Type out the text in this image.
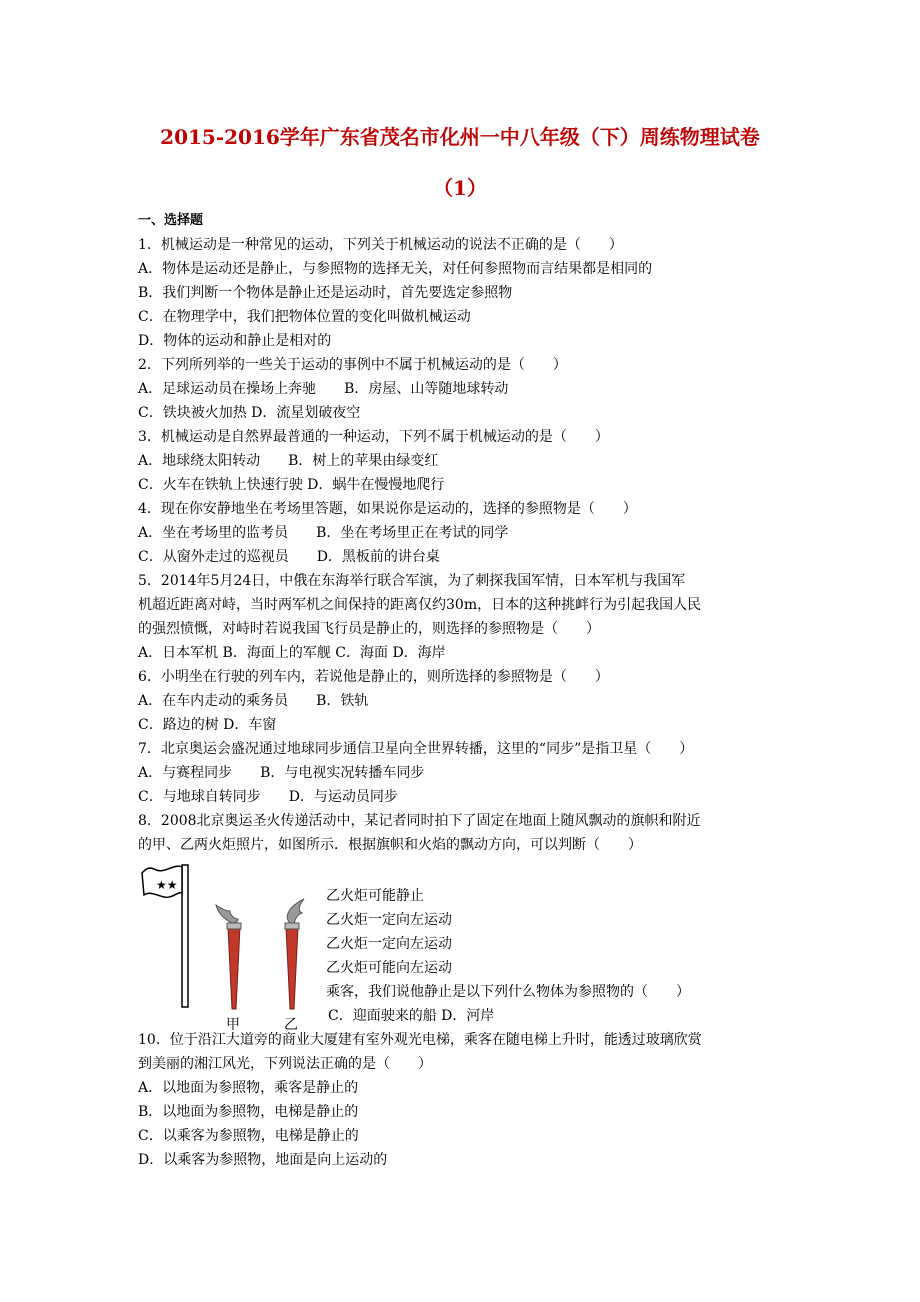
2015-2016学年广东省茂名市化州一中八年级（下）周练物理试卷
（1）
一、选择题
1．机械运动是一种常见的运动，下列关于机械运动的说法不正确的是（　　）
A．物体是运动还是静止，与参照物的选择无关，对任何参照物而言结果都是相同的
B．我们判断一个物体是静止还是运动时，首先要选定参照物
C．在物理学中，我们把物体位置的变化叫做机械运动
D．物体的运动和静止是相对的
2．下列所列举的一些关于运动的事例中不属于机械运动的是（　　）
A．足球运动员在操场上奔驰　　B．房屋、山等随地球转动
C．铁块被火加热 D．流星划破夜空
3．机械运动是自然界最普通的一种运动，下列不属于机械运动的是（　　）
A．地球绕太阳转动　　B．树上的苹果由绿变红
C．火车在铁轨上快速行驶 D．蜗牛在慢慢地爬行
4．现在你安静地坐在考场里答题，如果说你是运动的，选择的参照物是（　　）
A．坐在考场里的监考员　　B．坐在考场里正在考试的同学
C．从窗外走过的巡视员　　D．黑板前的讲台桌
5．2014年5月24日，中俄在东海举行联合军演，为了刺探我国军情，日本军机与我国军
机超近距离对峙，当时两军机之间保持的距离仅约30m，日本的这种挑衅行为引起我国人民
的强烈愤慨，对峙时若说我国飞行员是静止的，则选择的参照物是（　　）
A．日本军机 B．海面上的军舰 C．海面 D．海岸
6．小明坐在行驶的列车内，若说他是静止的，则所选择的参照物是（　　）
A．在车内走动的乘务员　　B．铁轨
C．路边的树 D．车窗
7．北京奥运会盛况通过地球同步通信卫星向全世界转播，这里的“同步”是指卫星（　　）
A．与赛程同步　　B．与电视实况转播车同步
C．与地球自转同步　　D．与运动员同步
8．2008北京奥运圣火传递活动中，某记者同时拍下了固定在地面上随风飘动的旗帜和附近
的甲、乙两火炬照片，如图所示．根据旗帜和火焰的飘动方向，可以判断（　　）
★★
甲	乙
乙火炬可能静止
乙火炬一定向左运动
乙火炬一定向左运动
乙火炬可能向左运动
乘客，我们说他静止是以下列什么物体为参照物的（　　）
C．迎面驶来的船 D．河岸
10．位于沿江大道旁的商业大厦建有室外观光电梯，乘客在随电梯上升时，能透过玻璃欣赏
到美丽的湘江风光，下列说法正确的是（　　）
A．以地面为参照物，乘客是静止的
B．以地面为参照物，电梯是静止的
C．以乘客为参照物，电梯是静止的
D．以乘客为参照物，地面是向上运动的
